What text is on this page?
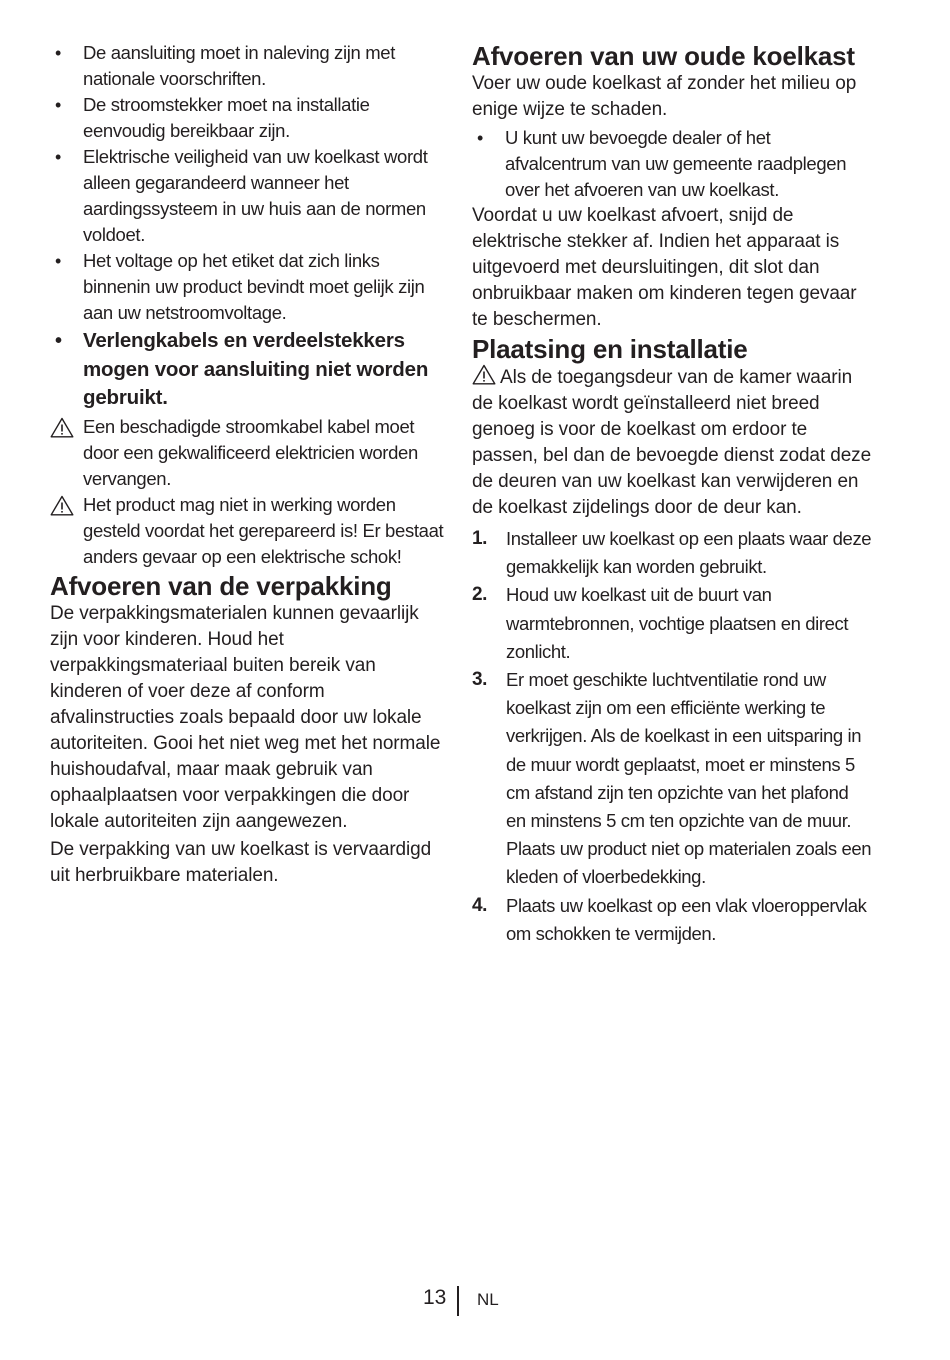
• De aansluiting moet in naleving zijn met nationale voorschriften.
• De stroomstekker moet na installatie eenvoudig bereikbaar zijn.
• Elektrische veiligheid van uw koelkast wordt alleen gegarandeerd wanneer het aardingssysteem in uw huis aan de normen voldoet.
• Het voltage op het etiket dat zich links binnenin uw product bevindt moet gelijk zijn aan uw netstroomvoltage.
• Verlengkabels en verdeelstekkers mogen voor aansluiting niet worden gebruikt.
Een beschadigde stroomkabel kabel moet door een gekwalificeerd elektricien worden vervangen.
Het product mag niet in werking worden gesteld voordat het gerepareerd is! Er bestaat anders gevaar op een elektrische schok!
Afvoeren van de verpakking

De verpakkingsmaterialen kunnen gevaarlijk zijn voor kinderen. Houd het verpakkingsmateriaal buiten bereik van kinderen of voer deze af conform afvalinstructies zoals bepaald door uw lokale autoriteiten. Gooi het niet weg met het normale huishoudafval, maar maak gebruik van ophaalplaatsen voor verpakkingen die door lokale autoriteiten zijn aangewezen.

De verpakking van uw koelkast is vervaardigd uit herbruikbare materialen.

Afvoeren van uw oude koelkast

Voer uw oude koelkast af zonder het milieu op enige wijze te schaden.

• U kunt uw bevoegde dealer of het afvalcentrum van uw gemeente raadplegen over het afvoeren van uw koelkast.

Voordat u uw koelkast afvoert, snijd de elektrische stekker af. Indien het apparaat is uitgevoerd met deursluitingen, dit slot dan onbruikbaar maken om kinderen tegen gevaar te beschermen.

Plaatsing en installatie

Als de toegangsdeur van de kamer waarin de koelkast wordt geïnstalleerd niet breed genoeg is voor de koelkast om erdoor te passen, bel dan de bevoegde dienst zodat deze de deuren van uw koelkast kan verwijderen en de koelkast zijdelings door de deur kan.

1. Installeer uw koelkast op een plaats waar deze gemakkelijk kan worden gebruikt.
2. Houd uw koelkast uit de buurt van warmtebronnen, vochtige plaatsen en direct zonlicht.
3. Er moet geschikte luchtventilatie rond uw koelkast zijn om een efficiënte werking te verkrijgen. Als de koelkast in een uitsparing in de muur wordt geplaatst, moet er minstens 5 cm afstand zijn ten opzichte van het plafond en minstens 5 cm ten opzichte van de muur. Plaats uw product niet op materialen zoals een kleden of vloerbedekking.
4. Plaats uw koelkast op een vlak vloeroppervlak om schokken te vermijden.
13 NL
